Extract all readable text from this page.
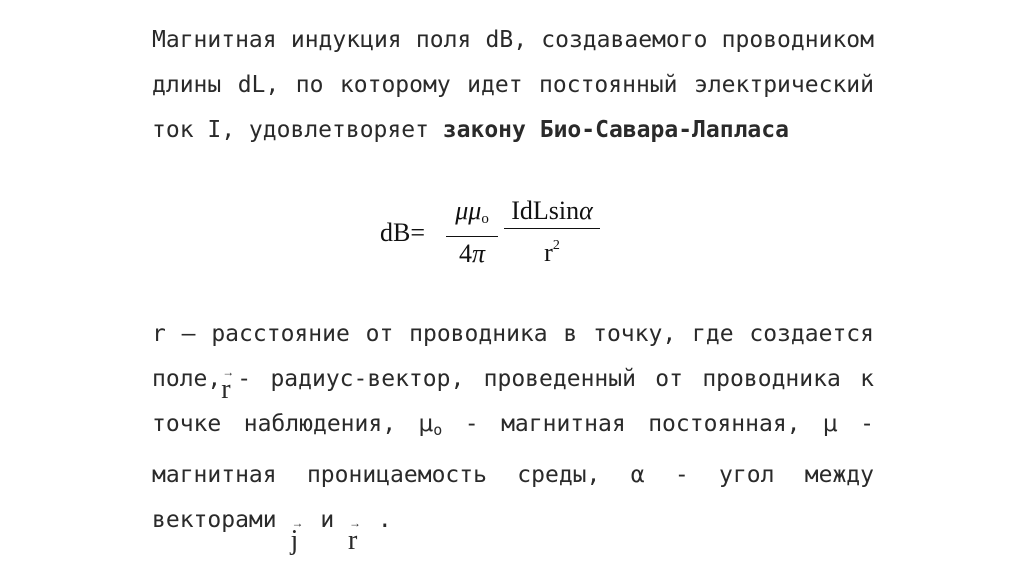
Магнитная индукция поля dB, создаваемого проводником длины dL, по которому идет постоянный электрический ток I, удовлетворяет закону Био-Савара-Лапласа
dB=
$\mu\mu_o$
4π
IdLsinα
$r^2$
r – расстояние от проводника в точку, где создается поле, →
r - радиус-вектор, проведенный от проводника к точке наблюдения, $\mu_o$ - магнитная постоянная, μ - магнитная проницаемость среды, α - угол между векторами →
j и →
r .
